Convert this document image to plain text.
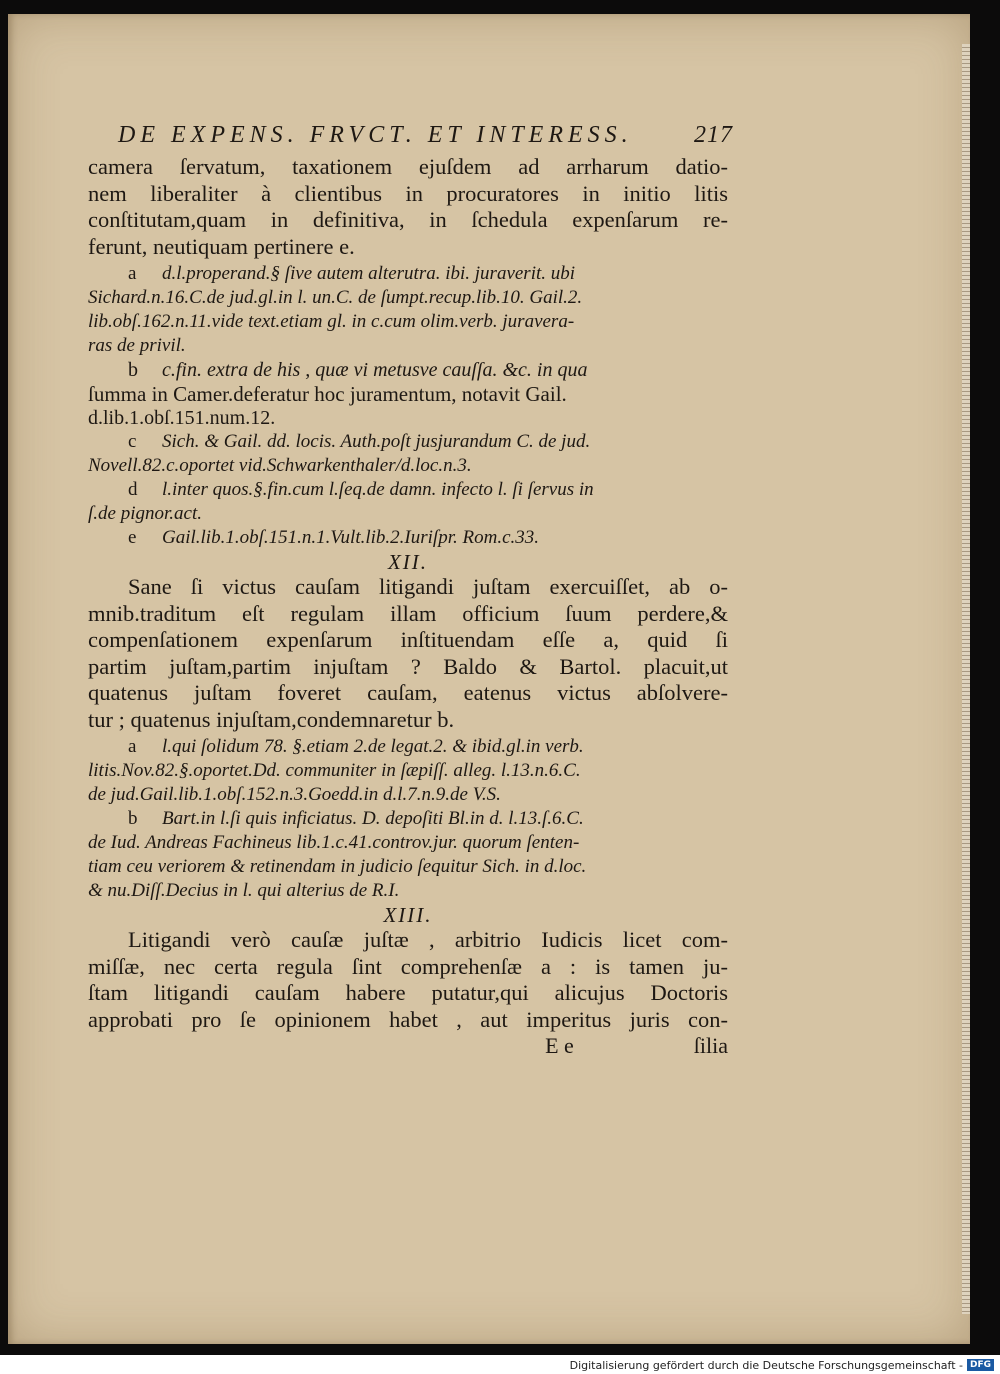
DE EXPENS. FRVCT. ET INTERESS.	217
camera ſervatum, taxationem ejuſdem ad arrharum datio-
nem liberaliter à clientibus in procuratores in initio litis
conſtitutam,quam in definitiva, in ſchedula expenſarum re-
ferunt, neutiquam pertinere e.
a d.l.properand.§ ſive autem alterutra. ibi. juraverit. ubi
Sichard.n.16.C.de jud.gl.in l. un.C. de ſumpt.recup.lib.10. Gail.2.
lib.obſ.162.n.11.vide text.etiam gl. in c.cum olim.verb. juravera-
ras de privil.
b c.fin. extra de his , quæ vi metusve cauſſa. &c. in qua
ſumma in Camer.deferatur hoc juramentum, notavit Gail.
d.lib.1.obſ.151.num.12.
c Sich. & Gail. dd. locis. Auth.poſt jusjurandum C. de jud.
Novell.82.c.oportet vid.Schwarkenthaler/d.loc.n.3.
d l.inter quos.§.fin.cum l.ſeq.de damn. infecto l. ſi ſervus in
ſ.de pignor.act.
e Gail.lib.1.obſ.151.n.1.Vult.lib.2.Iuriſpr. Rom.c.33.
XII.
Sane ſi victus cauſam litigandi juſtam exercuiſſet, ab o-
mnib.traditum eſt regulam illam officium ſuum perdere,&
compenſationem expenſarum inſtituendam eſſe a, quid ſi
partim juſtam,partim injuſtam ? Baldo & Bartol. placuit,ut
quatenus juſtam foveret cauſam, eatenus victus abſolvere-
tur ; quatenus injuſtam,condemnaretur b.
a l.qui ſolidum 78. §.etiam 2.de legat.2. & ibid.gl.in verb.
litis.Nov.82.§.oportet.Dd. communiter in ſæpiſſ. alleg. l.13.n.6.C.
de jud.Gail.lib.1.obſ.152.n.3.Goedd.in d.l.7.n.9.de V.S.
b Bart.in l.ſi quis inficiatus. D. depoſiti Bl.in d. l.13.ſ.6.C.
de Iud. Andreas Fachineus lib.1.c.41.controv.jur. quorum ſenten-
tiam ceu veriorem & retinendam in judicio ſequitur Sich. in d.loc.
& nu.Diſſ.Decius in l. qui alterius de R.I.
XIII.
Litigandi verò cauſæ juſtæ , arbitrio Iudicis licet com-
miſſæ, nec certa regula ſint comprehenſæ a : is tamen ju-
ſtam litigandi cauſam habere putatur,qui alicujus Doctoris
approbati pro ſe opinionem habet , aut imperitus juris con-
E e	ſilia
Digitalisierung gefördert durch die Deutsche Forschungsgemeinschaft - DFG
